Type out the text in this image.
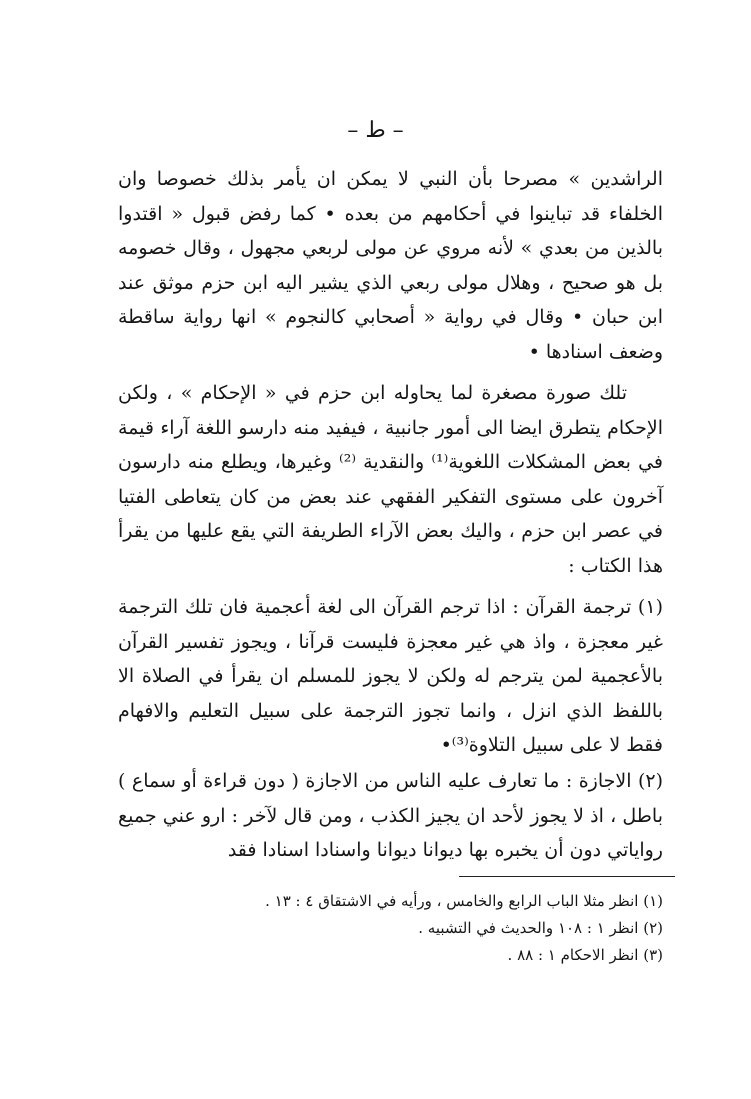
– ط –

الراشدين » مصرحا بأن النبي لا يمكن ان يأمر بذلك خصوصا وان الخلفاء قد تباينوا في أحكامهم من بعده • كما رفض قبول « اقتدوا بالذين من بعدي » لأنه مروي عن مولى لربعي مجهول ، وقال خصومه بل هو صحيح ، وهلال مولى ربعي الذي يشير اليه ابن حزم موثق عند ابن حبان • وقال في رواية « أصحابي كالنجوم » انها رواية ساقطة وضعف اسنادها •

تلك صورة مصغرة لما يحاوله ابن حزم في « الإحكام » ، ولكن الإحكام يتطرق ايضا الى أمور جانبية ، فيفيد منه دارسو اللغة آراء قيمة في بعض المشكلات اللغوية⁽¹⁾ والنقدية ⁽²⁾ وغيرها، ويطلع منه دارسون آخرون على مستوى التفكير الفقهي عند بعض من كان يتعاطى الفتيا في عصر ابن حزم ، واليك بعض الآراء الطريفة التي يقع عليها من يقرأ هذا الكتاب :

(١) ترجمة القرآن : اذا ترجم القرآن الى لغة أعجمية فان تلك الترجمة غير معجزة ، واذ هي غير معجزة فليست قرآنا ، ويجوز تفسير القرآن بالأعجمية لمن يترجم له ولكن لا يجوز للمسلم ان يقرأ في الصلاة الا باللفظ الذي انزل ، وانما تجوز الترجمة على سبيل التعليم والافهام فقط لا على سبيل التلاوة⁽³⁾•

(٢) الاجازة : ما تعارف عليه الناس من الاجازة ( دون قراءة أو سماع ) باطل ، اذ لا يجوز لأحد ان يجيز الكذب ، ومن قال لآخر : ارو عني جميع رواياتي دون أن يخبره بها ديوانا ديوانا واسنادا اسنادا فقد

(١) انظر مثلا الباب الرابع والخامس ، ورأيه في الاشتقاق ٤ : ١٣ .
(٢) انظر ١ : ١٠٨ والحديث في التشبيه .
(٣) انظر الاحكام ١ : ٨٨ .
